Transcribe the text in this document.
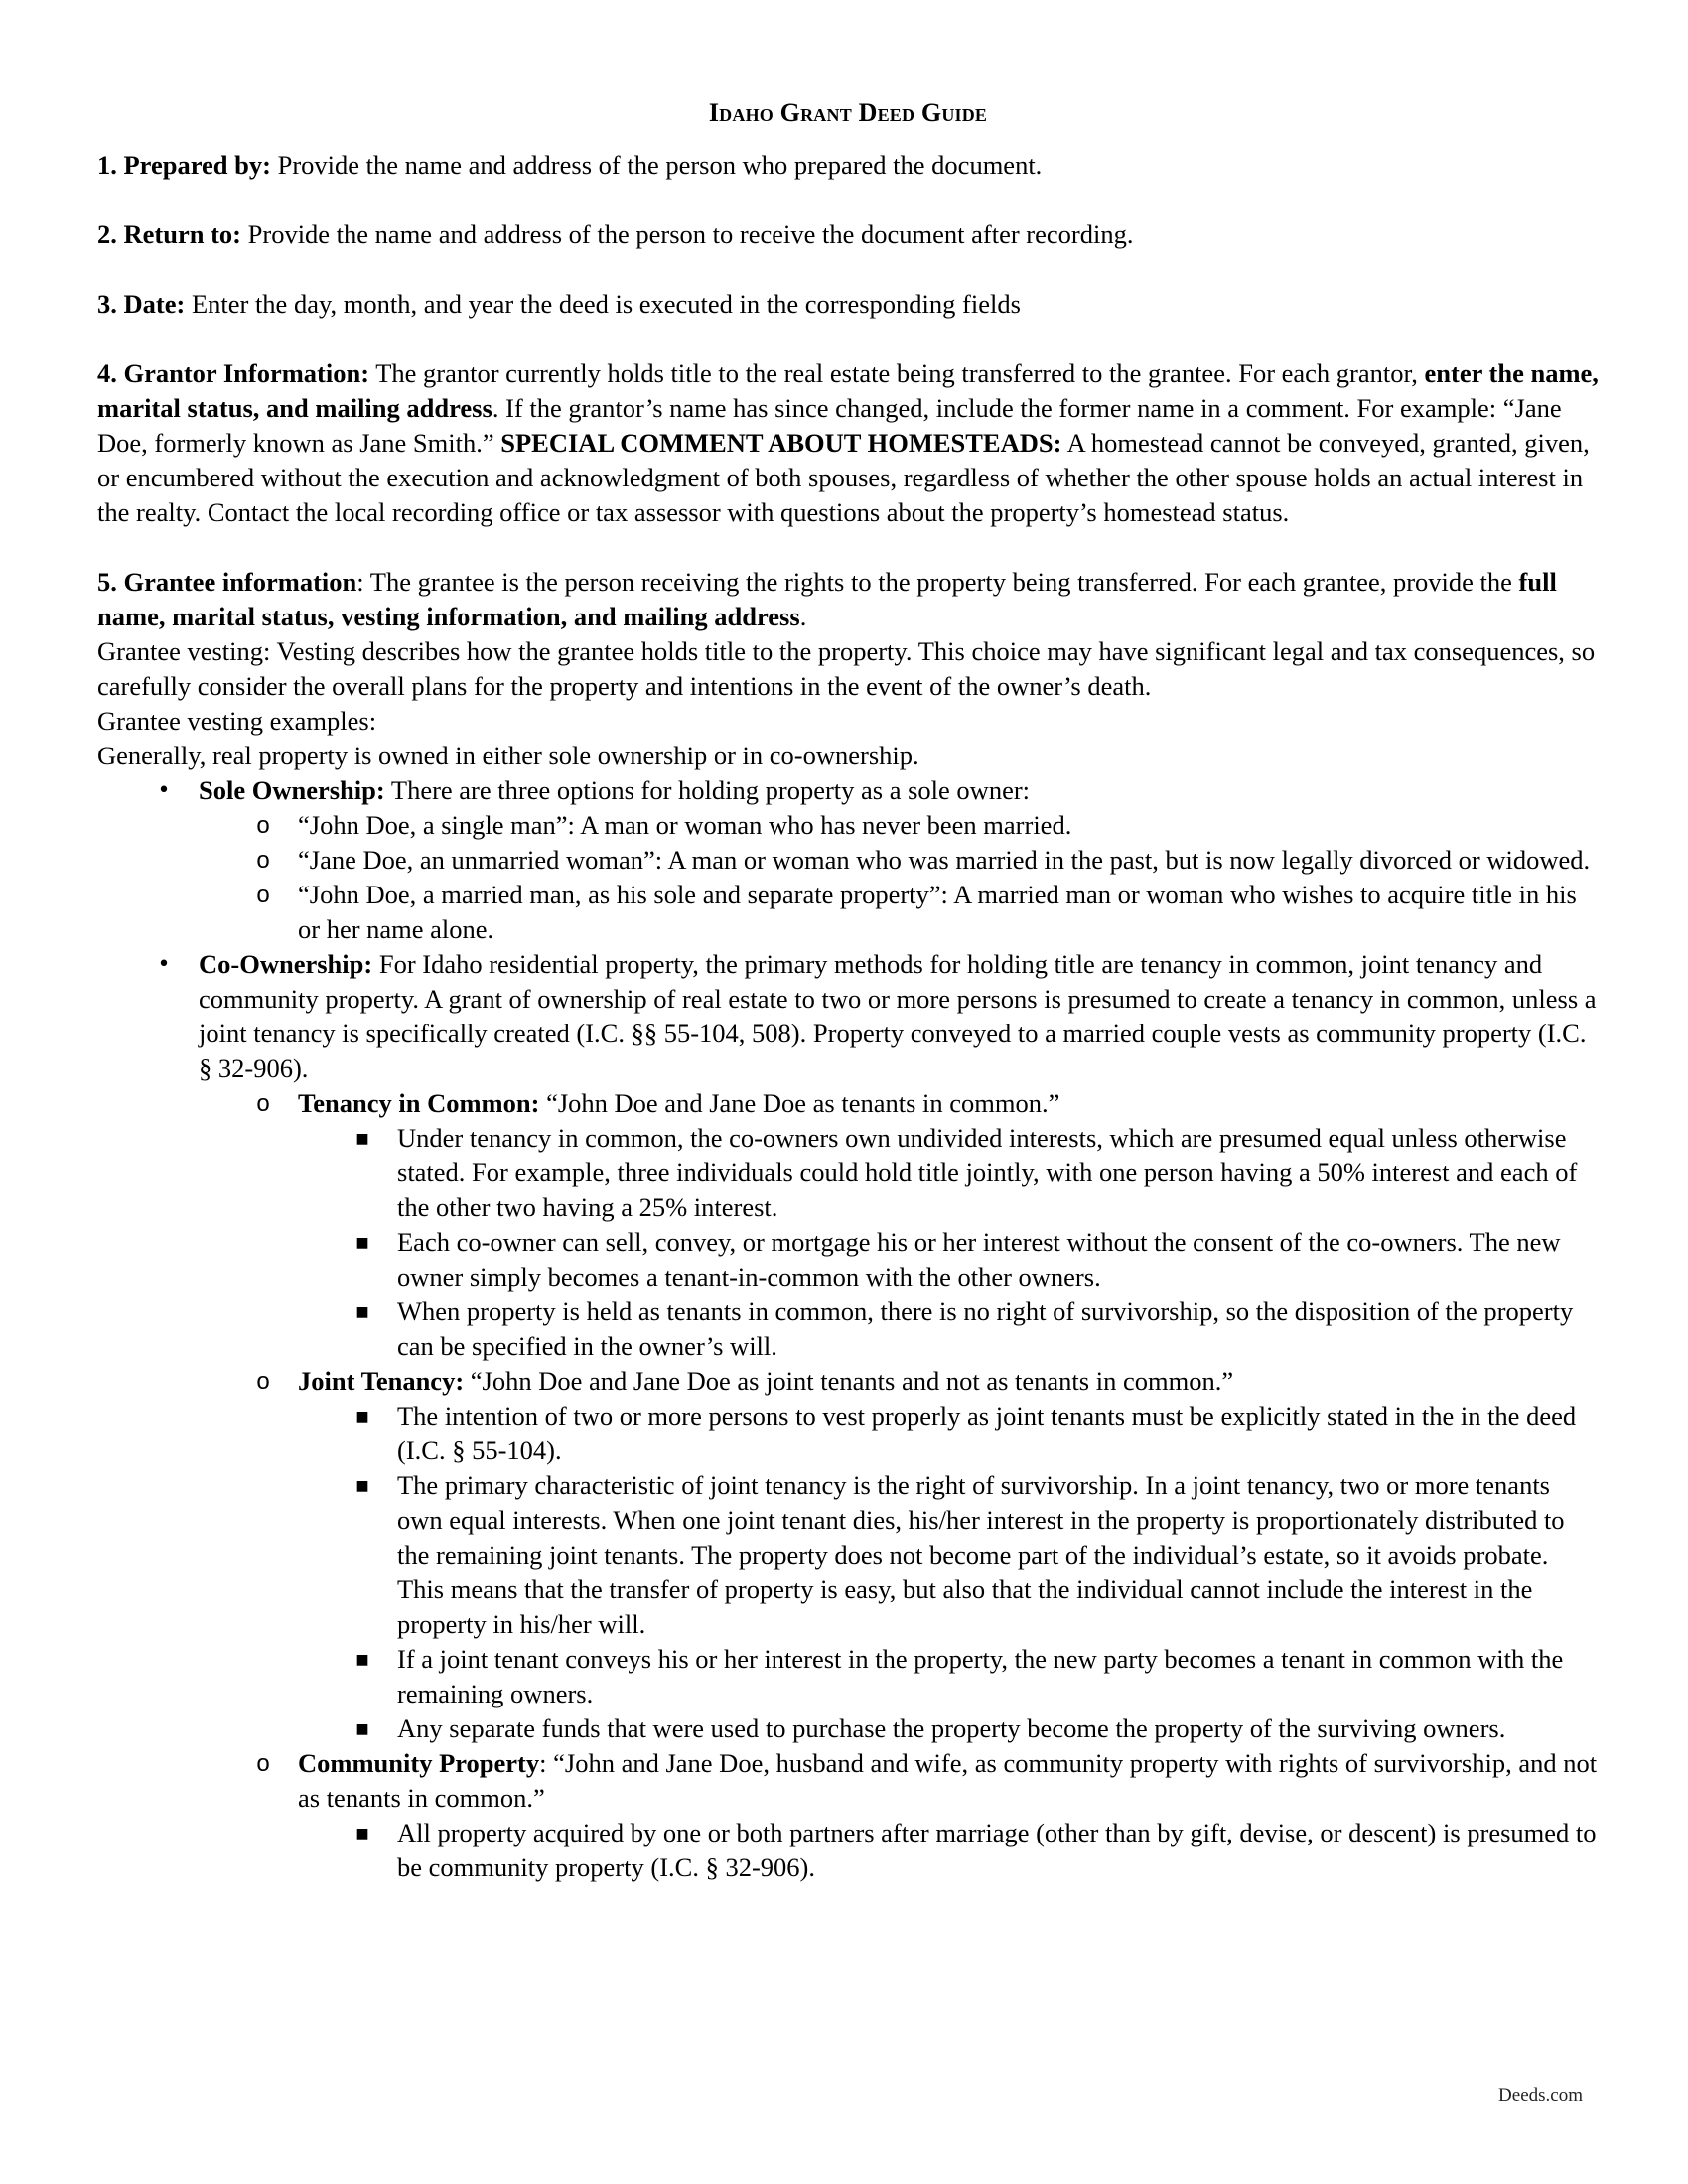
Idaho Grant Deed Guide

1. Prepared by: Provide the name and address of the person who prepared the document.

2. Return to: Provide the name and address of the person to receive the document after recording.

3. Date: Enter the day, month, and year the deed is executed in the corresponding fields

4. Grantor Information: The grantor currently holds title to the real estate being transferred to the grantee. For each grantor, enter the name, marital status, and mailing address. If the grantor’s name has since changed, include the former name in a comment. For example: “Jane Doe, formerly known as Jane Smith.” SPECIAL COMMENT ABOUT HOMESTEADS: A homestead cannot be conveyed, granted, given, or encumbered without the execution and acknowledgment of both spouses, regardless of whether the other spouse holds an actual interest in the realty. Contact the local recording office or tax assessor with questions about the property’s homestead status.

5. Grantee information: The grantee is the person receiving the rights to the property being transferred. For each grantee, provide the full name, marital status, vesting information, and mailing address.

Grantee vesting: Vesting describes how the grantee holds title to the property. This choice may have significant legal and tax consequences, so carefully consider the overall plans for the property and intentions in the event of the owner’s death.

Grantee vesting examples:

Generally, real property is owned in either sole ownership or in co-ownership.

•	Sole Ownership: There are three options for holding property as a sole owner:
o	“John Doe, a single man”: A man or woman who has never been married.
o	“Jane Doe, an unmarried woman”: A man or woman who was married in the past, but is now legally divorced or widowed.
o	“John Doe, a married man, as his sole and separate property”: A married man or woman who wishes to acquire title in his or her name alone.
•	Co-Ownership: For Idaho residential property, the primary methods for holding title are tenancy in common, joint tenancy and community property. A grant of ownership of real estate to two or more persons is presumed to create a tenancy in common, unless a joint tenancy is specifically created (I.C. §§ 55-104, 508). Property conveyed to a married couple vests as community property (I.C. § 32-906).
o	Tenancy in Common: “John Doe and Jane Doe as tenants in common.”
■	Under tenancy in common, the co-owners own undivided interests, which are presumed equal unless otherwise stated. For example, three individuals could hold title jointly, with one person having a 50% interest and each of the other two having a 25% interest.
■	Each co-owner can sell, convey, or mortgage his or her interest without the consent of the co-owners. The new owner simply becomes a tenant-in-common with the other owners.
■	When property is held as tenants in common, there is no right of survivorship, so the disposition of the property can be specified in the owner’s will.
o	Joint Tenancy: “John Doe and Jane Doe as joint tenants and not as tenants in common.”
■	The intention of two or more persons to vest properly as joint tenants must be explicitly stated in the in the deed (I.C. § 55-104).
■	The primary characteristic of joint tenancy is the right of survivorship. In a joint tenancy, two or more tenants own equal interests. When one joint tenant dies, his/her interest in the property is proportionately distributed to the remaining joint tenants. The property does not become part of the individual’s estate, so it avoids probate. This means that the transfer of property is easy, but also that the individual cannot include the interest in the property in his/her will.
■	If a joint tenant conveys his or her interest in the property, the new party becomes a tenant in common with the remaining owners.
■	Any separate funds that were used to purchase the property become the property of the surviving owners.
o	Community Property: “John and Jane Doe, husband and wife, as community property with rights of survivorship, and not as tenants in common.”
■	All property acquired by one or both partners after marriage (other than by gift, devise, or descent) is presumed to be community property (I.C. § 32-906).
Deeds.com
